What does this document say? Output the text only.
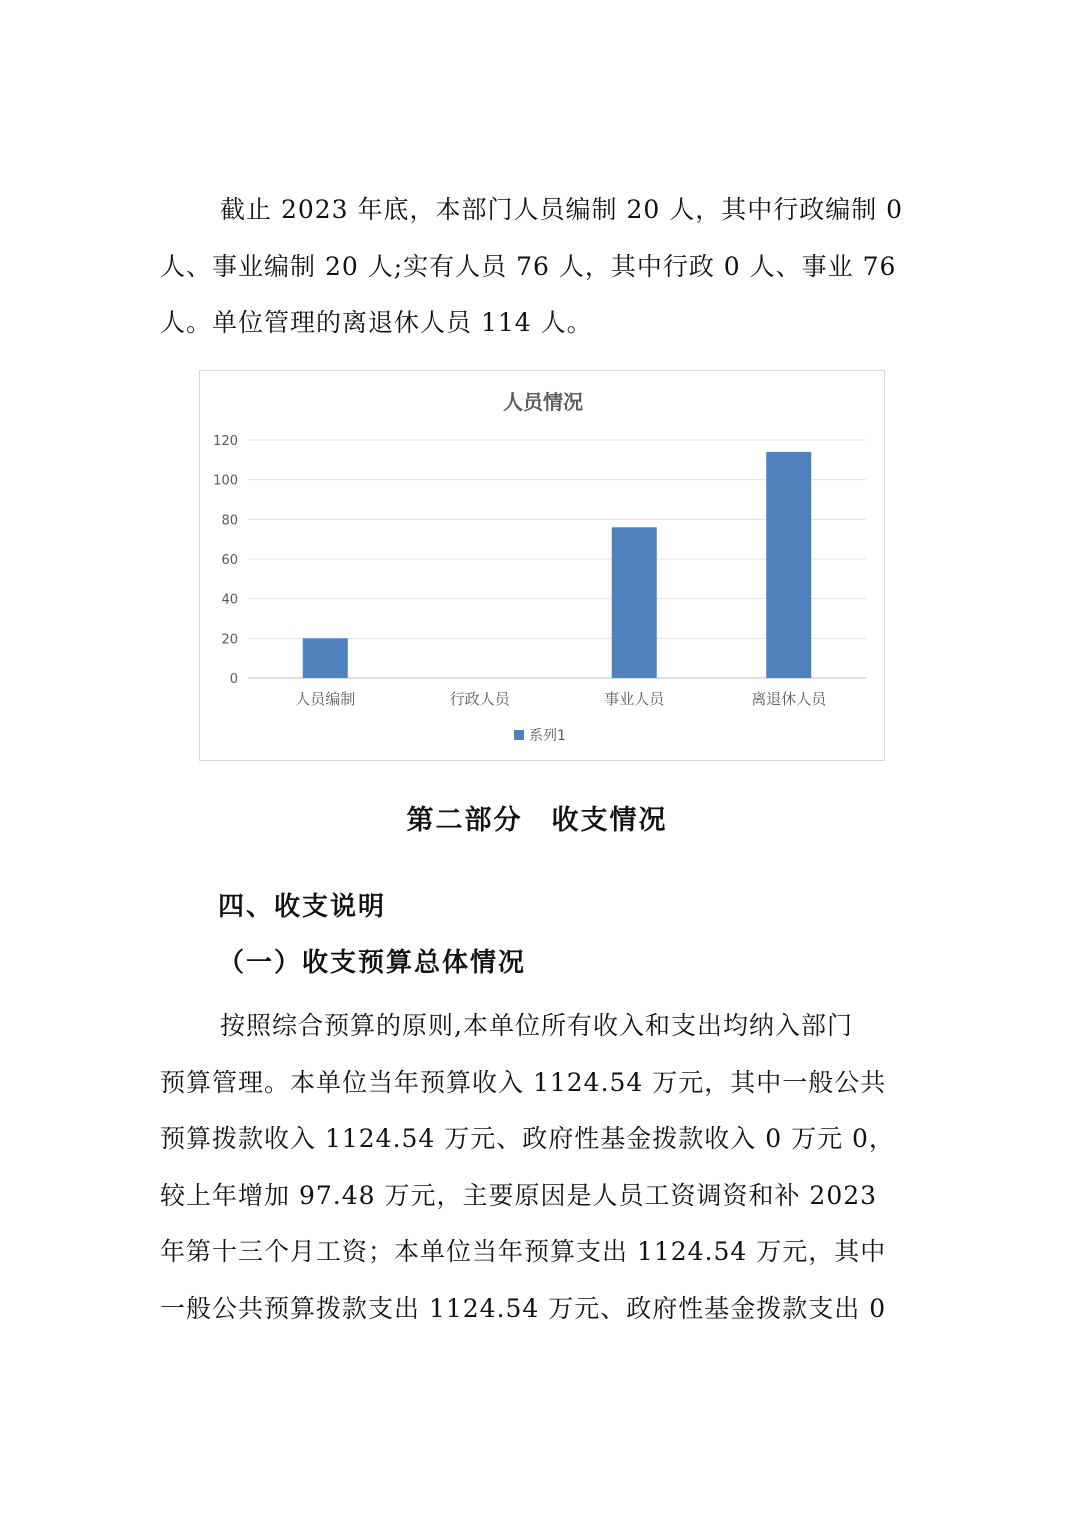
截止 2023 年底，本部门人员编制 20 人，其中行政编制 0
人、事业编制 20 人;实有人员 76 人，其中行政 0 人、事业 76
人。单位管理的离退休人员 114 人。
人员情况
0
20
40
60
80
100
120
人员编制	行政人员	事业人员	离退休人员
系列1
第二部分　收支情况
四、收支说明
（一）收支预算总体情况
按照综合预算的原则,本单位所有收入和支出均纳入部门
预算管理。本单位当年预算收入 1124.54 万元，其中一般公共
预算拨款收入 1124.54 万元、政府性基金拨款收入 0 万元 0，
较上年增加 97.48 万元，主要原因是人员工资调资和补 2023
年第十三个月工资；本单位当年预算支出 1124.54 万元，其中
一般公共预算拨款支出 1124.54 万元、政府性基金拨款支出 0
